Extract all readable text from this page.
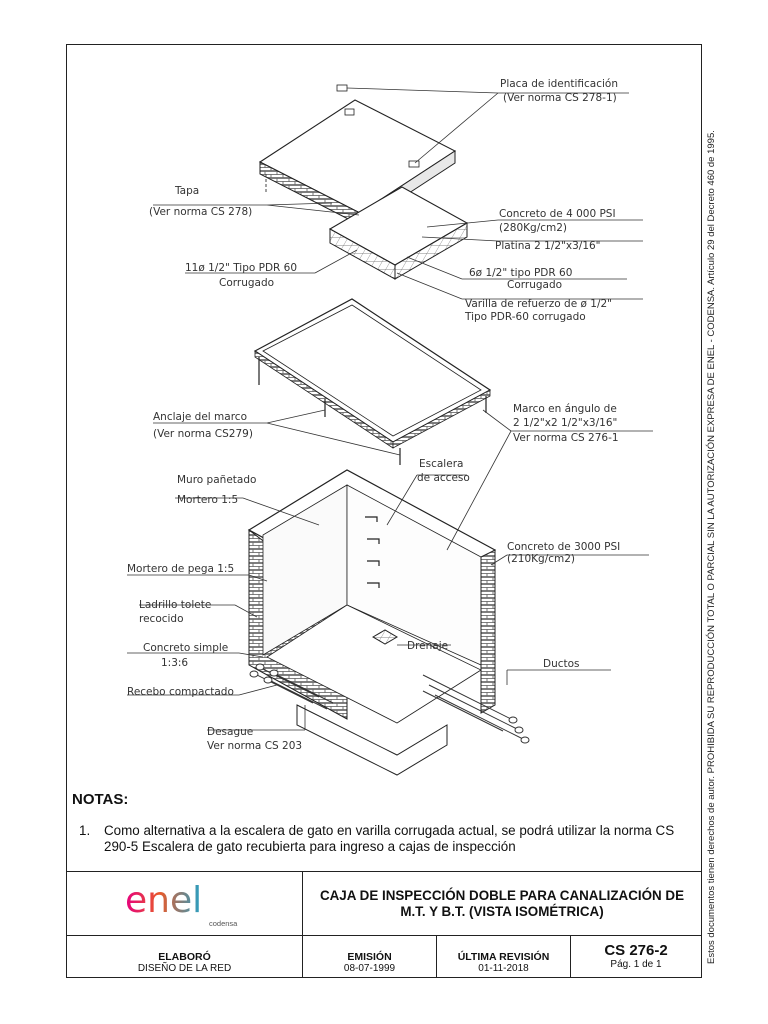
Placa de identificación
(Ver norma CS 278-1)
Tapa
(Ver norma CS 278)	Concreto de 4 000 PSI
(280Kg/cm2)
Platina 2 1/2"x3/16"
11ø 1/2" Tipo PDR 60
Corrugado
6ø 1/2" tipo PDR 60
Corrugado
Varilla de refuerzo de ø 1/2"
Tipo PDR-60 corrugado
Anclaje del marco
(Ver norma CS279)
Marco en ángulo de
2 1/2"x2 1/2"x3/16"
Ver norma CS 276-1
Muro pañetado
Mortero 1:5
Escalera
de acceso
Concreto de 3000 PSI
(210Kg/cm2)
Mortero de pega 1:5
Ladrillo tolete
recocido
Concreto simple
1:3:6
Drenaje
Ductos
Recebo compactado
Desague
Ver norma CS 203
NOTAS:
1.	Como alternativa a la escalera de gato en varilla corrugada actual, se podrá utilizar la norma CS 290-5 Escalera de gato recubierta para ingreso a cajas de inspección
enel
codensa
CAJA DE INSPECCIÓN DOBLE PARA CANALIZACIÓN DE M.T. Y B.T. (VISTA ISOMÉTRICA)
ELABORÓ
DISEÑO DE LA RED
EMISIÓN
08-07-1999
ÚLTIMA REVISIÓN
01-11-2018
CS 276-2
Pág. 1 de 1
Estos documentos tienen derechos de autor. PROHIBIDA SU REPRODUCCIÓN TOTAL O PARCIAL SIN LA AUTORIZACIÓN EXPRESA DE ENEL - CODENSA. Artículo 29 del Decreto 460 de 1995.
